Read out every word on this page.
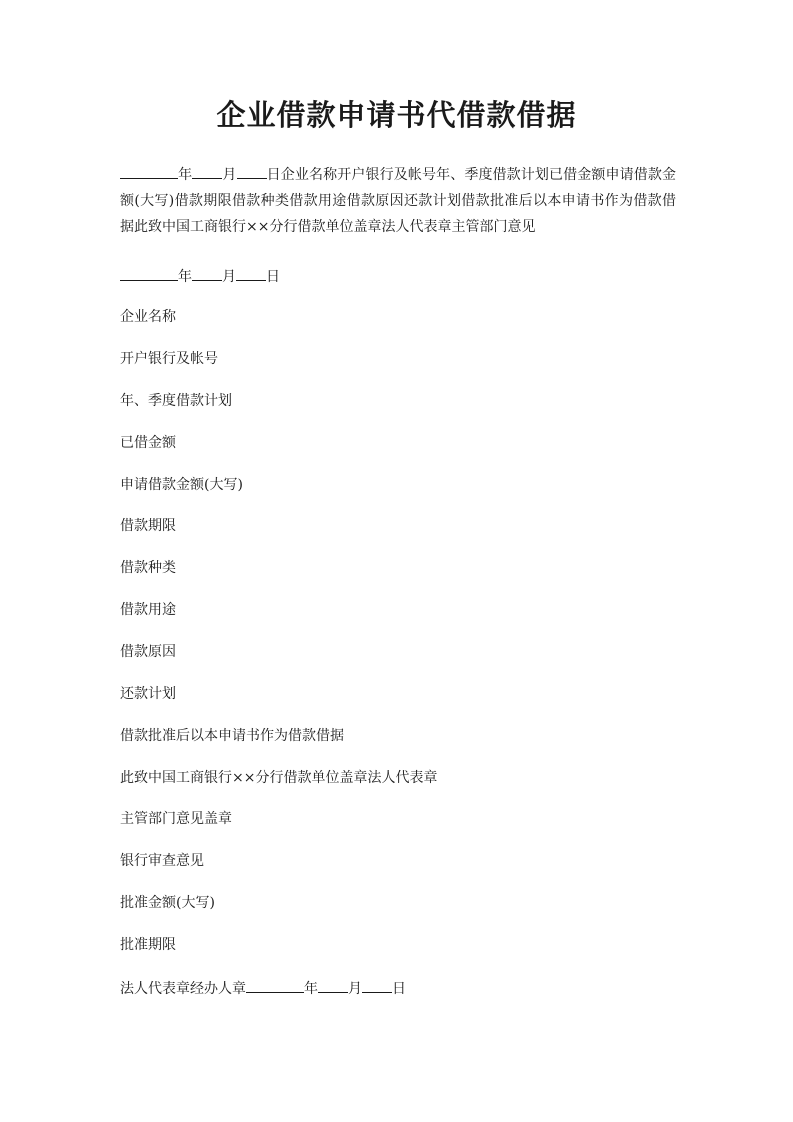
企业借款申请书代借款借据
年 月 日企业名称开户银行及帐号年、季度借款计划已借金额申请借款金额(大写)借款期限借款种类借款用途借款原因还款计划借款批准后以本申请书作为借款借据此致中国工商银行××分行借款单位盖章法人代表章主管部门意见
年 月 日
企业名称
开户银行及帐号
年、季度借款计划
已借金额
申请借款金额(大写)
借款期限
借款种类
借款用途
借款原因
还款计划
借款批准后以本申请书作为借款借据
此致中国工商银行××分行借款单位盖章法人代表章
主管部门意见盖章
银行审查意见
批准金额(大写)
批准期限
法人代表章经办人章	年 月 日
